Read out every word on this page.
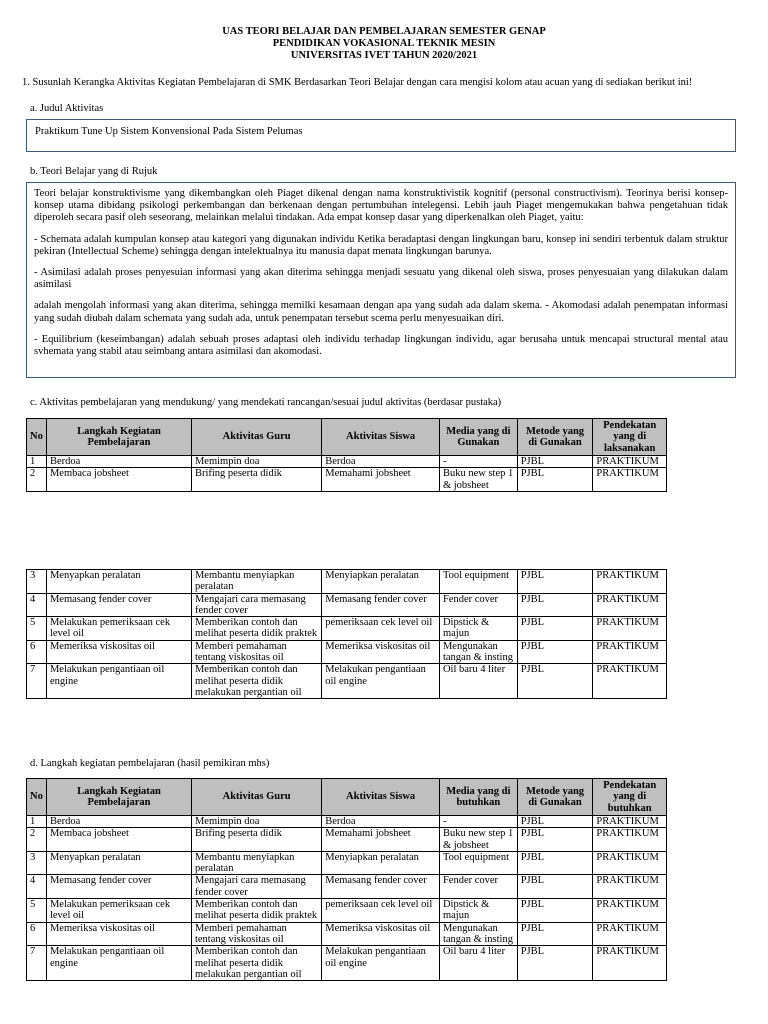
UAS TEORI BELAJAR DAN PEMBELAJARAN SEMESTER GENAP
PENDIDIKAN VOKASIONAL TEKNIK MESIN
UNIVERSITAS IVET TAHUN 2020/2021
1. Susunlah Kerangka Aktivitas Kegiatan Pembelajaran di SMK Berdasarkan Teori Belajar dengan cara mengisi kolom atau acuan yang di sediakan berikut ini!
a. Judul Aktivitas
Praktikum Tune Up Sistem Konvensional Pada Sistem Pelumas
b. Teori Belajar yang di Rujuk

Teori belajar konstruktivisme yang dikembangkan oleh Piaget dikenal dengan nama konstruktivistik kognitif (personal constructivism). Teorinya berisi konsep-konsep utama dibidang psikologi perkembangan dan berkenaan dengan pertumbuhan intelegensi. Lebih jauh Piaget mengemukakan bahwa pengetahuan tidak diperoleh secara pasif oleh seseorang, melainkan melalui tindakan. Ada empat konsep dasar yang diperkenalkan oleh Piaget, yaitu:

- Schemata adalah kumpulan konsep atau kategori yang digunakan individu Ketika beradaptasi dengan lingkungan baru, konsep ini sendiri terbentuk dalam struktur pekiran (Intellectual Scheme) sehingga dengan intelektualnya itu manusia dapat menata lingkungan barunya.

- Asimilasi adalah proses penyesuian informasi yang akan diterima sehingga menjadi sesuatu yang dikenal oleh siswa, proses penyesuaian yang dilakukan dalam asimilasi

adalah mengolah informasi yang akan diterima, sehingga memilki kesamaan dengan apa yang sudah ada dalam skema. - Akomodasi adalah penempatan informasi yang sudah diubah dalam schemata yang sudah ada, untuk penempatan tersebut scema perlu menyesuaikan diri.

- Equilibrium (keseimbangan) adalah sebuah proses adaptasi oleh individu terhadap lingkungan individu, agar berusaha untuk mencapai structural mental atau svhemata yang stabil atau seimbang antara asimilasi dan akomodasi.

c. Aktivitas pembelajaran yang mendukung/ yang mendekati rancangan/sesuai judul aktivitas (berdasar pustaka)
No	Langkah Kegiatan Pembelajaran	Aktivitas Guru	Aktivitas Siswa	Media yang di Gunakan	Metode yang di Gunakan	Pendekatan yang di laksanakan
1	Berdoa	Memimpin doa	Berdoa	-	PJBL	PRAKTIKUM
2	Membaca jobsheet	Brifing peserta didik	Memahami jobsheet	Buku new step 1 & jobsheet	PJBL	PRAKTIKUM
3	Menyapkan peralatan	Membantu menyiapkan peralatan	Menyiapkan peralatan	Tool equipment	PJBL	PRAKTIKUM
4	Memasang fender cover	Mengajari cara memasang fender cover	Memasang fender cover	Fender cover	PJBL	PRAKTIKUM
5	Melakukan pemeriksaan cek level oil	Memberikan contoh dan melihat peserta didik praktek	pemeriksaan cek level oil	Dipstick & majun	PJBL	PRAKTIKUM
6	Memeriksa viskositas oil	Memberi pemahaman tentang viskositas oil	Memeriksa viskositas oil	Mengunakan tangan & insting	PJBL	PRAKTIKUM
7	Melakukan pengantiaan oil engine	Memberikan contoh dan melihat peserta didik melakukan pergantian oil	Melakukan pengantiaan oil engine	Oil baru 4 liter	PJBL	PRAKTIKUM
d. Langkah kegiatan pembelajaran (hasil pemikiran mhs)
No	Langkah Kegiatan Pembelajaran	Aktivitas Guru	Aktivitas Siswa	Media yang di butuhkan	Metode yang di Gunakan	Pendekatan yang di butuhkan
1	Berdoa	Memimpin doa	Berdoa	-	PJBL	PRAKTIKUM
2	Membaca jobsheet	Brifing peserta didik	Memahami jobsheet	Buku new step 1 & jobsheet	PJBL	PRAKTIKUM
3	Menyapkan peralatan	Membantu menyiapkan peralatan	Menyiapkan peralatan	Tool equipment	PJBL	PRAKTIKUM
4	Memasang fender cover	Mengajari cara memasang fender cover	Memasang fender cover	Fender cover	PJBL	PRAKTIKUM
5	Melakukan pemeriksaan cek level oil	Memberikan contoh dan melihat peserta didik praktek	pemeriksaan cek level oil	Dipstick & majun	PJBL	PRAKTIKUM
6	Memeriksa viskositas oil	Memberi pemahaman tentang viskositas oil	Memeriksa viskositas oil	Mengunakan tangan & insting	PJBL	PRAKTIKUM
7	Melakukan pengantiaan oil engine	Memberikan contoh dan melihat peserta didik melakukan pergantian oil	Melakukan pengantiaan oil engine	Oil baru 4 liter	PJBL	PRAKTIKUM
